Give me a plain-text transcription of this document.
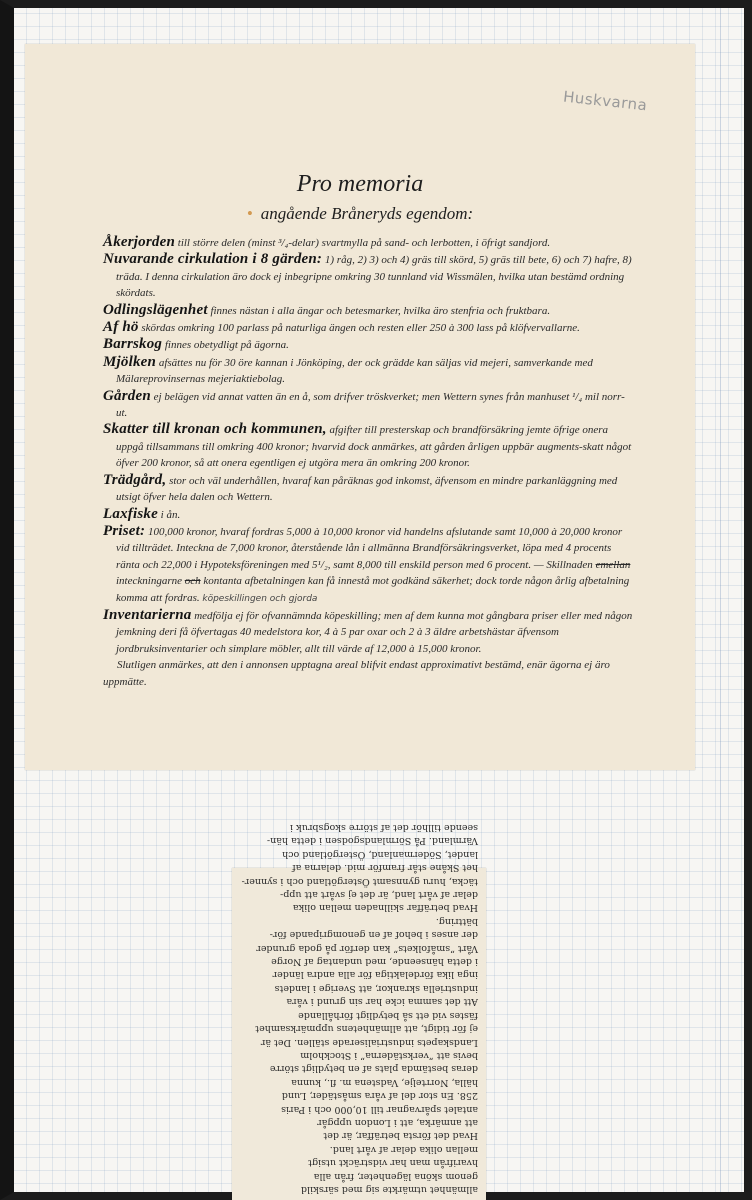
Huskvarna
Pro memoria
• angående Bråneryds egendom:

Åkerjorden till större delen (minst ³/₄-delar) svartmylla på sand- och lerbotten, i öfrigt sandjord.

Nuvarande cirkulation i 8 gärden: 1) råg, 2) 3) och 4) gräs till skörd, 5) gräs till bete, 6) och 7) hafre, 8) träda. I denna cirkulation äro dock ej inbegripne omkring 30 tunnland vid Wissmälen, hvilka utan bestämd ordning skördats.

Odlingslägenhet finnes nästan i alla ängar och betesmarker, hvilka äro stenfria och fruktbara.

Af hö skördas omkring 100 parlass på naturliga ängen och resten eller 250 à 300 lass på klöfvervallarne.

Barrskog finnes obetydligt på ägorna.

Mjölken afsättes nu för 30 öre kannan i Jönköping, der ock grädde kan säljas vid mejeri, samverkande med Mälareprovinsernas mejeriaktiebolag.

Gården ej belägen vid annat vatten än en å, som drifver tröskverket; men Wettern synes från manhuset ¹/₄ mil norr-ut.

Skatter till kronan och kommunen, afgifter till presterskap och brandförsäkring jemte öfrige onera uppgå tillsammans till omkring 400 kronor; hvarvid dock anmärkes, att gården årligen uppbär augments-skatt något öfver 200 kronor, så att onera egentligen ej utgöra mera än omkring 200 kronor.

Trädgård, stor och väl underhållen, hvaraf kan påräknas god inkomst, äfvensom en mindre parkanläggning med utsigt öfver hela dalen och Wettern.

Laxfiske i ån.

Priset: 100,000 kronor, hvaraf fordras 5,000 à 10,000 kronor vid handelns afslutande samt 10,000 à 20,000 kronor vid tillträdet. Inteckna de 7,000 kronor, återstående lån i allmänna Brandförsäkringsverket, löpa med 4 procents ränta och 22,000 i Hypoteksföreningen med 5¹/₂, samt 8,000 till enskild person med 6 procent. — Skillnaden emellan inteckningarne och kontanta afbetalningen kan få innestå mot godkänd säkerhet; dock torde någon årlig afbetalning komma att fordras. köpeskillingen och gjorda

Inventarierna medfölja ej för ofvannämnda köpeskilling; men af dem kunna mot gångbara priser eller med någon jemkning deri få öfvertagas 40 medelstora kor, 4 à 5 par oxar och 2 à 3 äldre arbetshästar äfvensom jordbruksinventarier och simplare möbler, allt till värde af 12,000 à 15,000 kronor.

Slutligen anmärkes, att den i annonsen upptagna areal blifvit endast approximativt bestämd, enär ägorna ej äro uppmätte.

allmänhet utmärkte sig med särskild
genom sköna lägenheter, från alla
hvarifrån man har vidsträckt utsigt
mellan olika delar af vårt land.
Hvad det första beträffar, är det
att anmärka, att i London uppgår
antalet spårvagnar till 10,000 och i Paris
258. En stor del af våra småstäder, Lund
hälla, Norrtelje, Vadstena m. fl., kunna
deras bestämda plats af en betydligt större
bevis att ”verkstäderna” i Stockholm
Landskapets industrialiserade ställen. Det är
ej för tidigt, att allmänhetens uppmärksamhet
fästes vid ett så betydligt förhållande
Att det samma icke har sin grund i våra
industriella skrankor, att Sverige i landets
inga lika fördelaktiga för alla andra länder
i detta hänseende, med undantag af Norge
Vårt ”småfolkets” kan derför på goda grunder
der anses i behof af en genomgripande för-
bättring.
Hvad beträffar skillnaden mellan olika
delar af vårt land, är det ej svårt att upp-
täcka, huru gynnsamt Östergötland och i synner-
het Skåne står framför mid. delarna af
landet, Södermanland, Östergötland och
Värmland. På Sörmlandsgodsen i detta hän-
seende tillhör det af större skogsbruk i
